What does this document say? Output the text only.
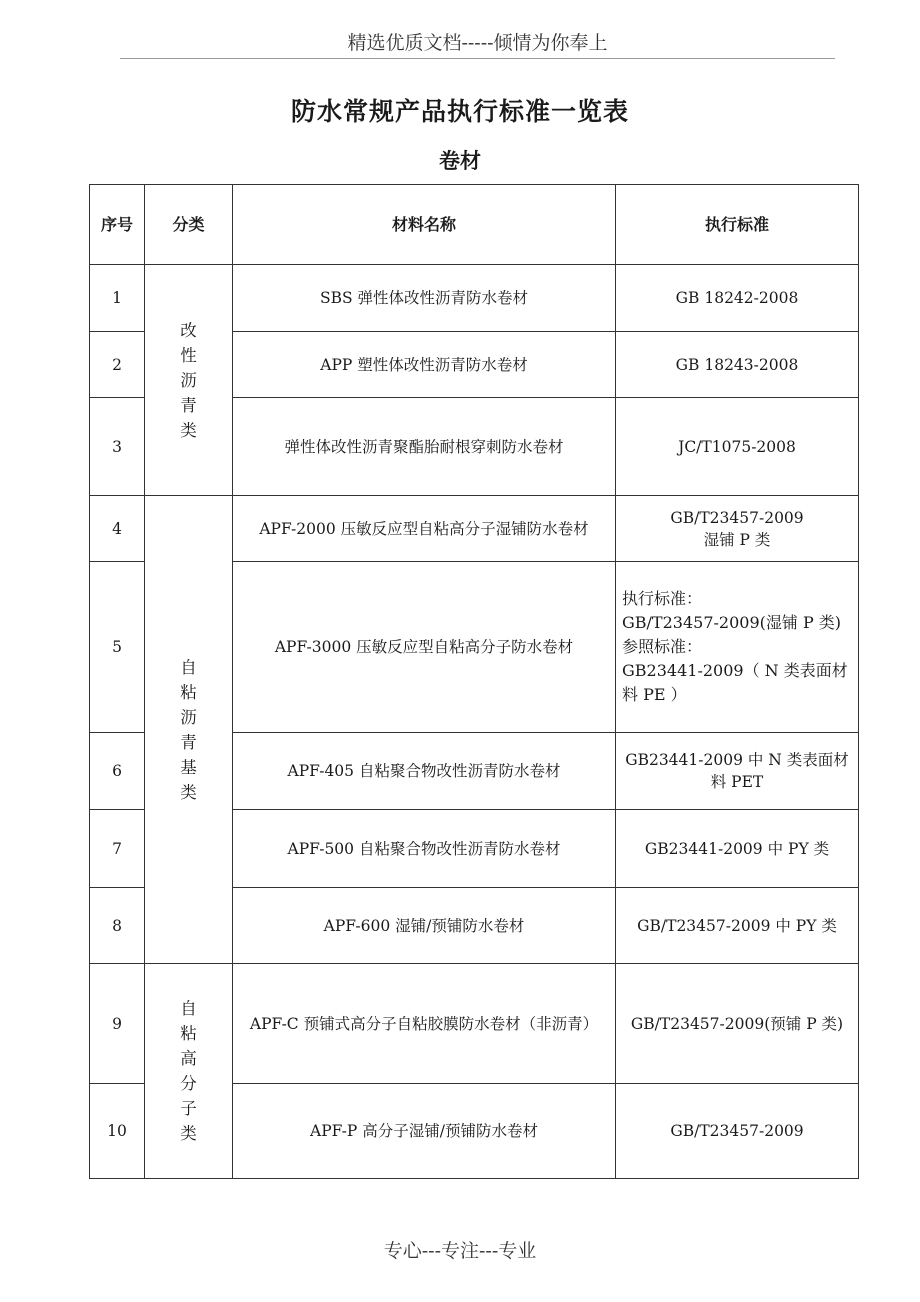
精选优质文档-----倾情为你奉上
防水常规产品执行标准一览表
卷材
序号	分类	材料名称	执行标准
1	改性沥青类	SBS 弹性体改性沥青防水卷材	GB 18242-2008

2		APP 塑性体改性沥青防水卷材	GB 18243-2008

3		弹性体改性沥青聚酯胎耐根穿刺防水卷材	JC/T1075-2008

4	自粘沥青基类	APF-2000 压敏反应型自粘高分子湿铺防水卷材	GB/T23457-2009
湿铺 P 类

5		APF-3000 压敏反应型自粘高分子防水卷材	执行标准：
GB/T23457-2009(湿铺 P 类)
参照标准：
GB23441-2009（ N 类表面材料 PE ）

6		APF-405 自粘聚合物改性沥青防水卷材	GB23441-2009 中 N 类表面材料 PET

7		APF-500 自粘聚合物改性沥青防水卷材	GB23441-2009 中 PY 类

8		APF-600 湿铺/预铺防水卷材	GB/T23457-2009 中 PY 类

9	自粘高分子类	APF-C 预铺式高分子自粘胶膜防水卷材（非沥青）	GB/T23457-2009(预铺 P 类)

10		APF-P 高分子湿铺/预铺防水卷材	GB/T23457-2009
专心---专注---专业
